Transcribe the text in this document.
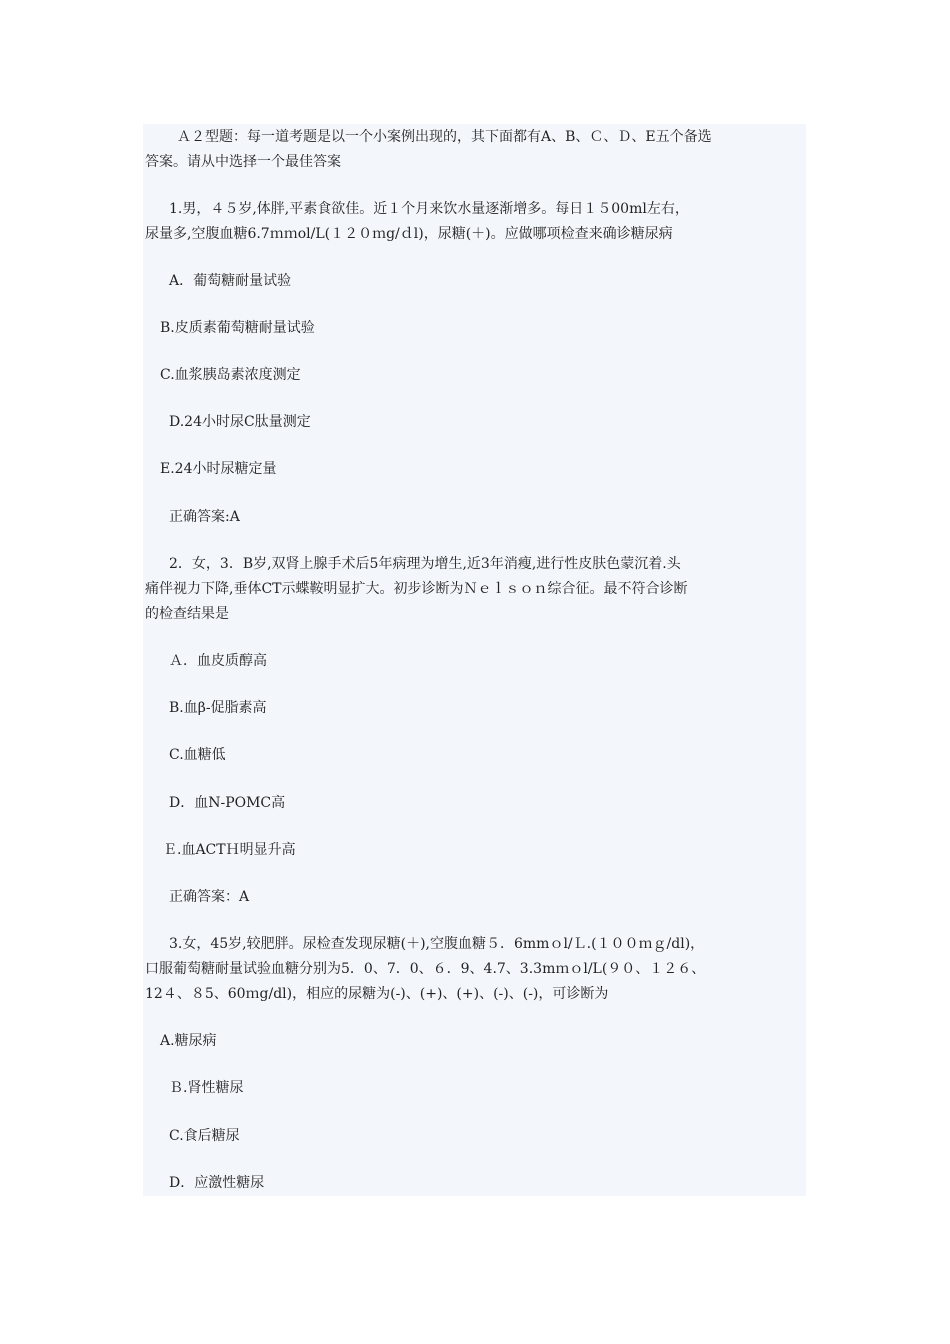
Ａ２型题：每一道考题是以一个小案例出现的，其下面都有A、B、Ｃ、Ｄ、E五个备选
答案。请从中选择一个最佳答案
1.男，４５岁,体胖,平素食欲佳。近１个月来饮水量逐渐增多。每日１５00ml左右，
尿量多,空腹血糖6.7ｍｍol/L(１２０ｍg/ｄl)，尿糖(＋)。应做哪项检查来确诊糖尿病
A．葡萄糖耐量试验
B.皮质素葡萄糖耐量试验
C.血浆胰岛素浓度测定
D.24小时尿C肽量测定
E.24小时尿糖定量
正确答案:A
2．女，3．B岁,双肾上腺手术后5年病理为增生,近3年消瘦,进行性皮肤色蒙沉着.头
痛伴视力下降,垂体CT示蝶鞍明显扩大。初步诊断为Ｎｅｌｓｏｎ综合征。最不符合诊断
的检查结果是
Ａ．血皮质醇高
B.血β-促脂素高
C.血糖低
D．血N-POMC高
Ｅ.血ACTＨ明显升高
正确答案：A
3.女，45岁,较肥胖。尿检查发现尿糖(＋),空腹血糖５．6mmｏl/Ｌ.(１００ｍｇ/dl)，
口服葡萄糖耐量试验血糖分别为5．0、7．0、６．9、4.7、3.3mｍｏl/L(９０、１２６、
12４、８5、60ｍg/dl)，相应的尿糖为(-)、(+)、(+)、(-)、(-)，可诊断为
A.糖尿病
Ｂ.肾性糖尿
C.食后糖尿
D．应激性糖尿
